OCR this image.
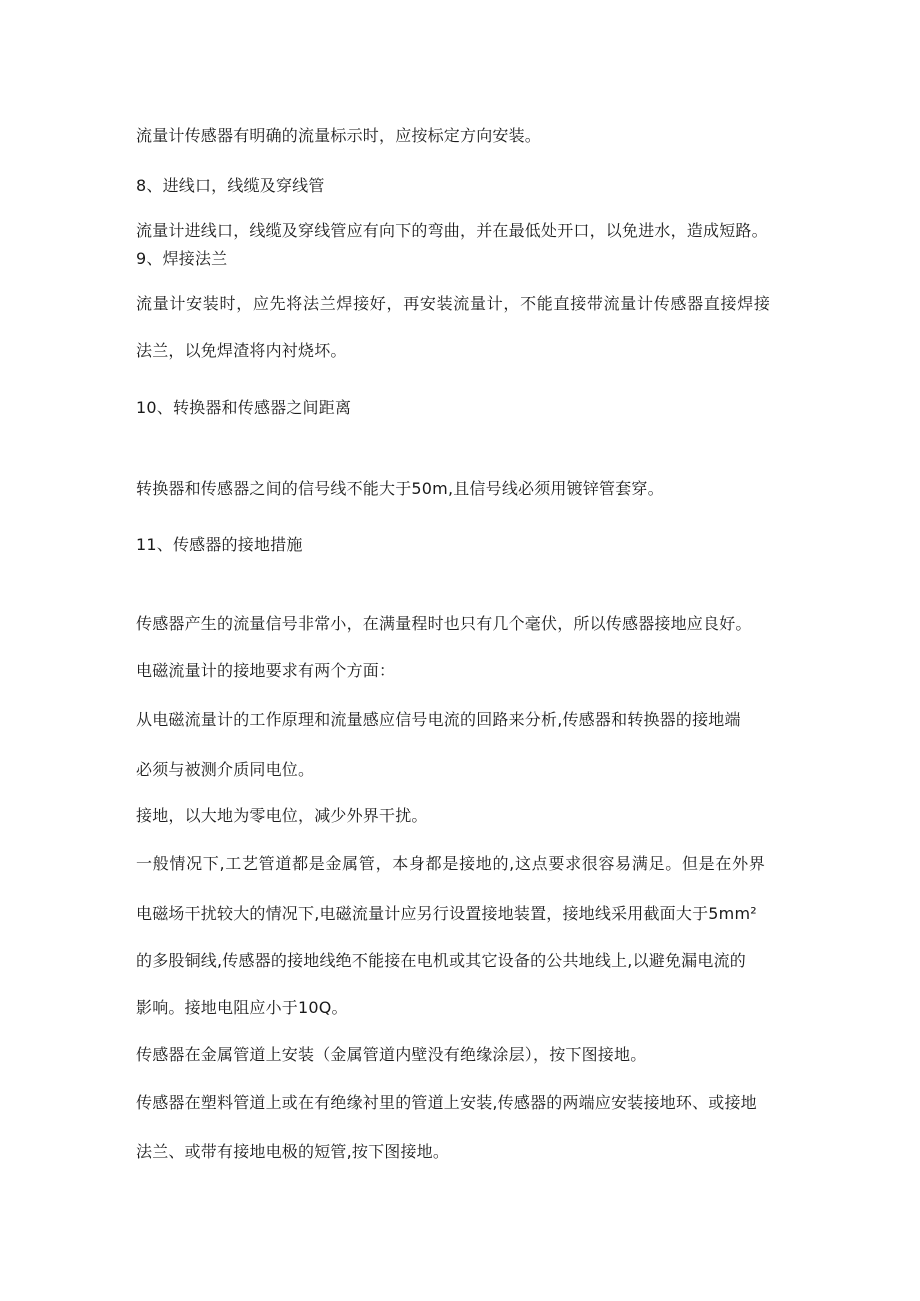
流量计传感器有明确的流量标示时，应按标定方向安装。

8、进线口，线缆及穿线管

流量计进线口，线缆及穿线管应有向下的弯曲，并在最低处开口，以免进水，造成短路。

9、焊接法兰

流量计安装时，应先将法兰焊接好，再安装流量计，不能直接带流量计传感器直接焊接

法兰，以免焊渣将内衬烧坏。

10、转换器和传感器之间距离

转换器和传感器之间的信号线不能大于50m,且信号线必须用镀锌管套穿。

11、传感器的接地措施

传感器产生的流量信号非常小，在满量程时也只有几个毫伏，所以传感器接地应良好。

电磁流量计的接地要求有两个方面：

从电磁流量计的工作原理和流量感应信号电流的回路来分析,传感器和转换器的接地端

必须与被测介质同电位。

接地，以大地为零电位，减少外界干扰。

一般情况下,工艺管道都是金属管，本身都是接地的,这点要求很容易满足。但是在外界

电磁场干扰较大的情况下,电磁流量计应另行设置接地装置，接地线采用截面大于5mm²

的多股铜线,传感器的接地线绝不能接在电机或其它设备的公共地线上,以避免漏电流的

影响。接地电阻应小于10Q。

传感器在金属管道上安装（金属管道内壁没有绝缘涂层），按下图接地。

传感器在塑料管道上或在有绝缘衬里的管道上安装,传感器的两端应安装接地环、或接地

法兰、或带有接地电极的短管,按下图接地。
